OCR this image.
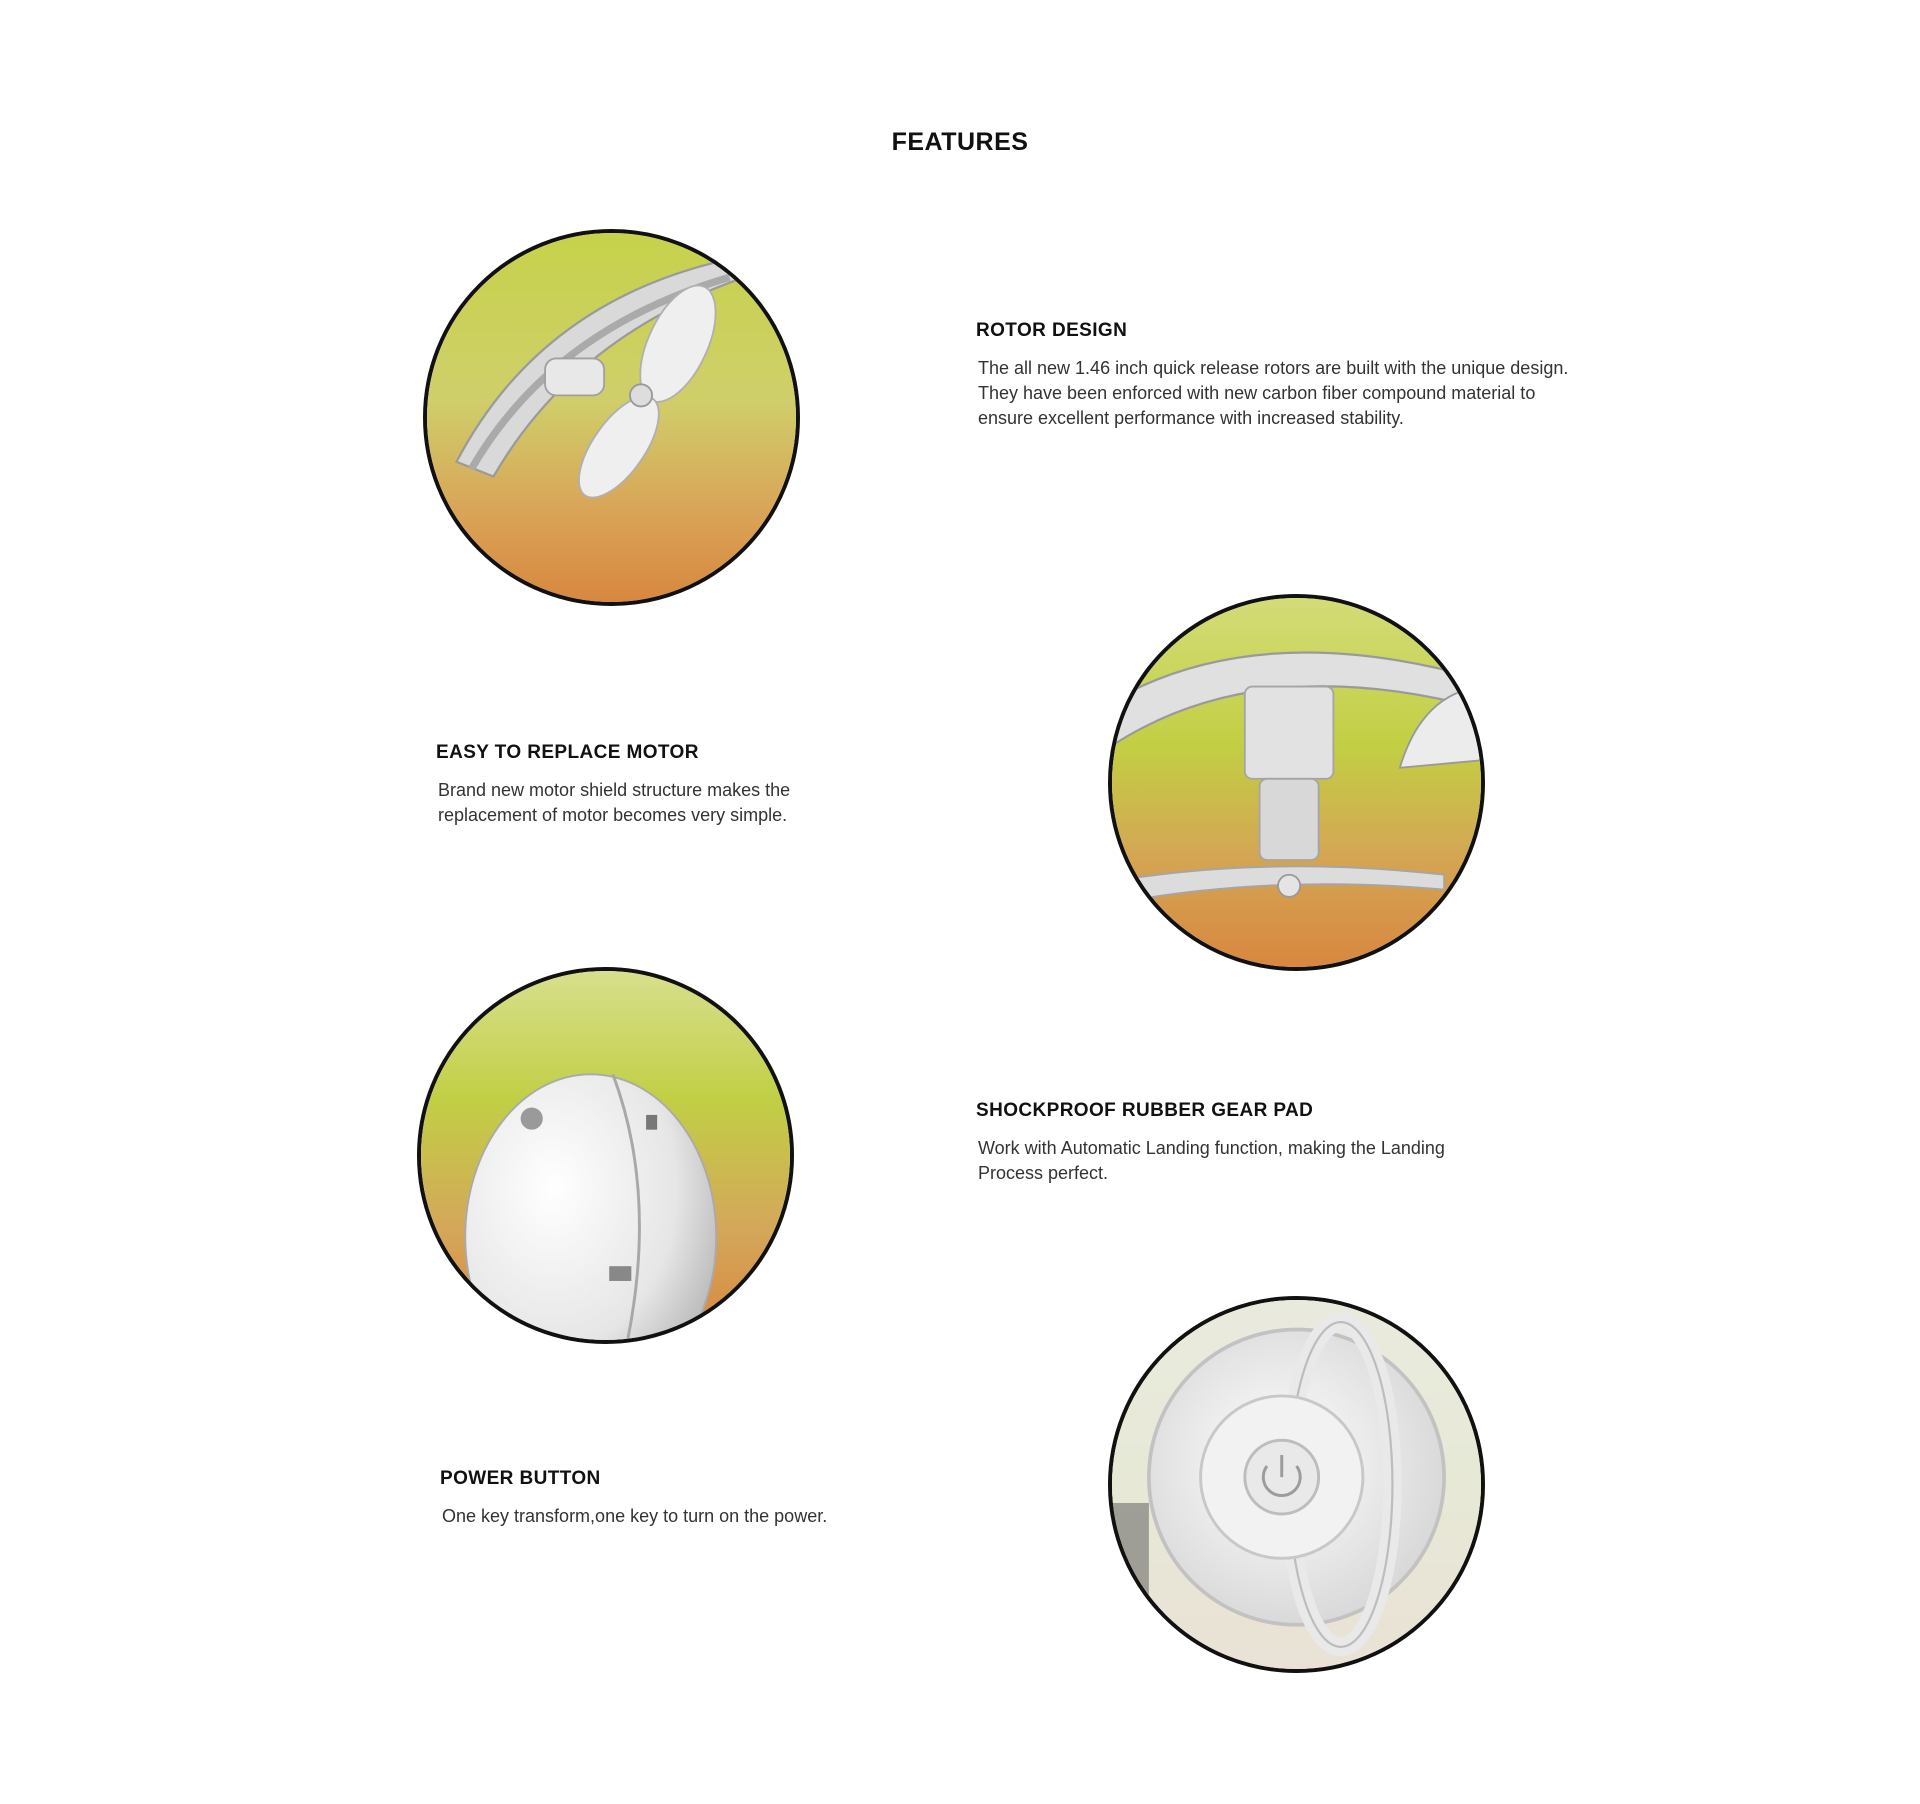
FEATURES
ROTOR DESIGN

The all new 1.46 inch quick release rotors are built with the unique design. They have been enforced with new carbon fiber compound material to ensure excellent performance with increased stability.

EASY TO REPLACE MOTOR

Brand new motor shield structure makes the replacement of motor becomes very simple.

SHOCKPROOF RUBBER GEAR PAD

Work with Automatic Landing function, making the Landing Process perfect.

POWER BUTTON

One key transform,one key to turn on the power.
